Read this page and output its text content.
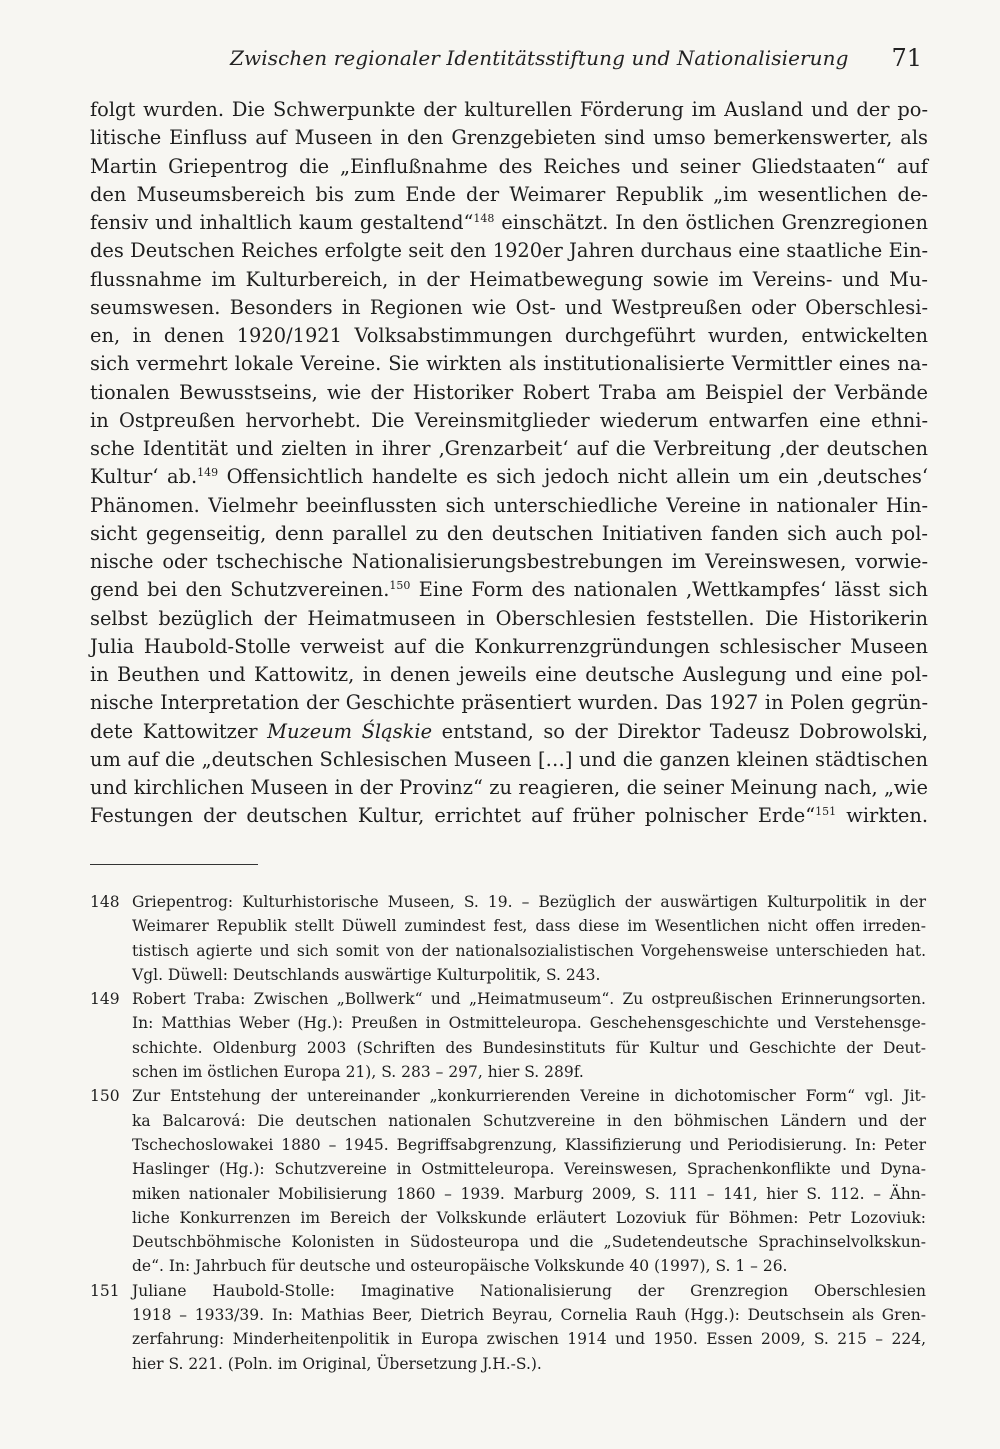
Zwischen regionaler Identitätsstiftung und Nationalisierung 71
folgt wurden. Die Schwerpunkte der kulturellen Förderung im Ausland und der po-
litische Einfluss auf Museen in den Grenzgebieten sind umso bemerkenswerter, als
Martin Griepentrog die „Einflußnahme des Reiches und seiner Gliedstaaten“ auf
den Museumsbereich bis zum Ende der Weimarer Republik „im wesentlichen de-
fensiv und inhaltlich kaum gestaltend“$^{148}$ einschätzt. In den östlichen Grenzregionen
des Deutschen Reiches erfolgte seit den 1920er Jahren durchaus eine staatliche Ein-
flussnahme im Kulturbereich, in der Heimatbewegung sowie im Vereins- und Mu-
seumswesen. Besonders in Regionen wie Ost- und Westpreußen oder Oberschlesi-
en, in denen 1920/1921 Volksabstimmungen durchgeführt wurden, entwickelten
sich vermehrt lokale Vereine. Sie wirkten als institutionalisierte Vermittler eines na-
tionalen Bewusstseins, wie der Historiker Robert Traba am Beispiel der Verbände
in Ostpreußen hervorhebt. Die Vereinsmitglieder wiederum entwarfen eine ethni-
sche Identität und zielten in ihrer ‚Grenzarbeit‘ auf die Verbreitung ‚der deutschen
Kultur‘ ab.$^{149}$ Offensichtlich handelte es sich jedoch nicht allein um ein ‚deutsches‘
Phänomen. Vielmehr beeinflussten sich unterschiedliche Vereine in nationaler Hin-
sicht gegenseitig, denn parallel zu den deutschen Initiativen fanden sich auch pol-
nische oder tschechische Nationalisierungsbestrebungen im Vereinswesen, vorwie-
gend bei den Schutzvereinen.$^{150}$ Eine Form des nationalen ‚Wettkampfes‘ lässt sich
selbst bezüglich der Heimatmuseen in Oberschlesien feststellen. Die Historikerin
Julia Haubold-Stolle verweist auf die Konkurrenzgründungen schlesischer Museen
in Beuthen und Kattowitz, in denen jeweils eine deutsche Auslegung und eine pol-
nische Interpretation der Geschichte präsentiert wurden. Das 1927 in Polen gegrün-
dete Kattowitzer Muzeum Śląskie entstand, so der Direktor Tadeusz Dobrowolski,
um auf die „deutschen Schlesischen Museen […] und die ganzen kleinen städtischen
und kirchlichen Museen in der Provinz“ zu reagieren, die seiner Meinung nach, „wie
Festungen der deutschen Kultur, errichtet auf früher polnischer Erde“$^{151}$ wirkten.
148 Griepentrog: Kulturhistorische Museen, S. 19. – Bezüglich der auswärtigen Kulturpolitik in der
Weimarer Republik stellt Düwell zumindest fest, dass diese im Wesentlichen nicht offen irreden-
tistisch agierte und sich somit von der nationalsozialistischen Vorgehensweise unterschieden hat.
Vgl. Düwell: Deutschlands auswärtige Kulturpolitik, S. 243.
149 Robert Traba: Zwischen „Bollwerk“ und „Heimatmuseum“. Zu ostpreußischen Erinnerungsorten.
In: Matthias Weber (Hg.): Preußen in Ostmitteleuropa. Geschehensgeschichte und Verstehensge-
schichte. Oldenburg 2003 (Schriften des Bundesinstituts für Kultur und Geschichte der Deut-
schen im östlichen Europa 21), S. 283 – 297, hier S. 289f.
150 Zur Entstehung der untereinander „konkurrierenden Vereine in dichotomischer Form“ vgl. Jit-
ka Balcarová: Die deutschen nationalen Schutzvereine in den böhmischen Ländern und der
Tschechoslowakei 1880 – 1945. Begriffsabgrenzung, Klassifizierung und Periodisierung. In: Peter
Haslinger (Hg.): Schutzvereine in Ostmitteleuropa. Vereinswesen, Sprachenkonflikte und Dyna-
miken nationaler Mobilisierung 1860 – 1939. Marburg 2009, S. 111 – 141, hier S. 112. – Ähn-
liche Konkurrenzen im Bereich der Volkskunde erläutert Lozoviuk für Böhmen: Petr Lozoviuk:
Deutschböhmische Kolonisten in Südosteuropa und die „Sudetendeutsche Sprachinselvolkskun-
de“. In: Jahrbuch für deutsche und osteuropäische Volkskunde 40 (1997), S. 1 – 26.
151 Juliane Haubold-Stolle: Imaginative Nationalisierung der Grenzregion Oberschlesien
1918 – 1933/39. In: Mathias Beer, Dietrich Beyrau, Cornelia Rauh (Hgg.): Deutschsein als Gren-
zerfahrung: Minderheitenpolitik in Europa zwischen 1914 und 1950. Essen 2009, S. 215 – 224,
hier S. 221. (Poln. im Original, Übersetzung J.H.-S.).
